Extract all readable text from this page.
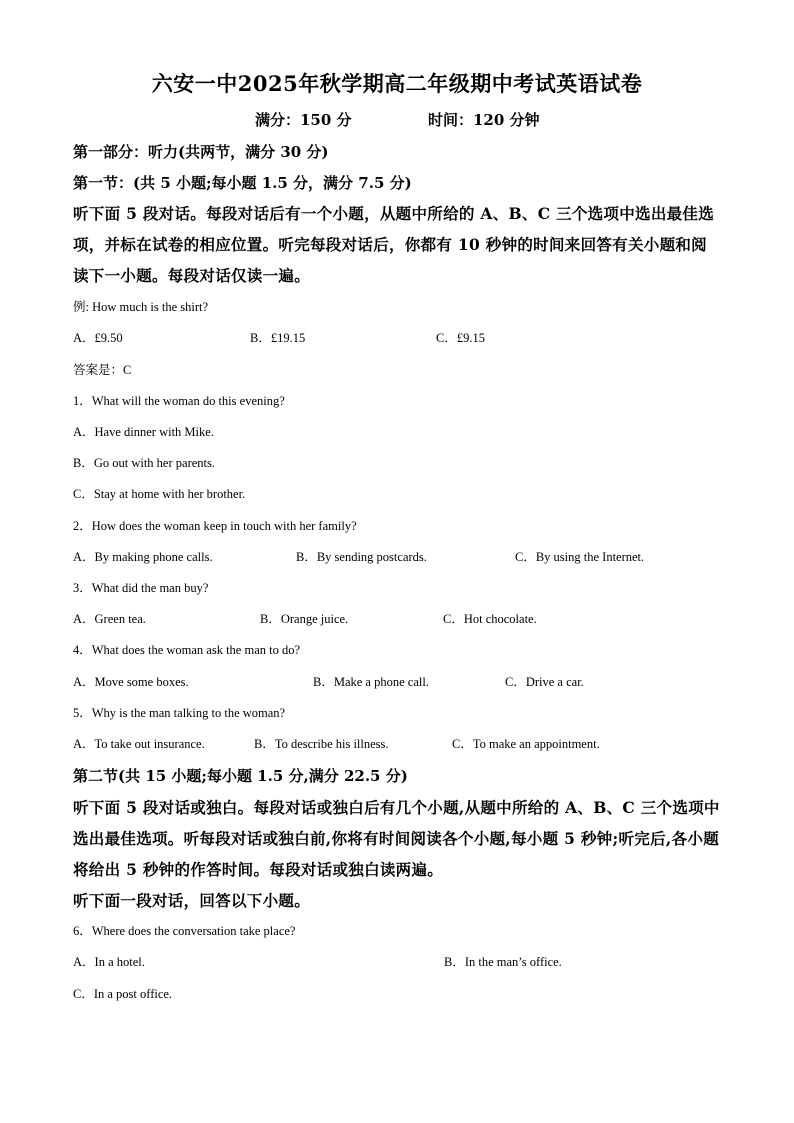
六安一中2025年秋学期高二年级期中考试英语试卷
满分：150 分	时间：120 分钟
第一部分：听力(共两节，满分 30 分)
第一节：(共 5 小题;每小题 1.5 分，满分 7.5 分)
听下面 5 段对话。每段对话后有一个小题，从题中所给的 A、B、C 三个选项中选出最佳选
项，并标在试卷的相应位置。听完每段对话后，你都有 10 秒钟的时间来回答有关小题和阅
读下一小题。每段对话仅读一遍。
例: How much is the shirt?
A．£9.50	B．£19.15	C．£9.15
答案是：C
1．What will the woman do this evening?
A．Have dinner with Mike.
B．Go out with her parents.
C．Stay at home with her brother.
2．How does the woman keep in touch with her family?
A．By making phone calls.	B．By sending postcards.	C．By using the Internet.
3．What did the man buy?
A．Green tea.	B．Orange juice.	C．Hot chocolate.
4．What does the woman ask the man to do?
A．Move some boxes.	B．Make a phone call.	C．Drive a car.
5．Why is the man talking to the woman?
A．To take out insurance.	B．To describe his illness.	C．To make an appointment.
第二节(共 15 小题;每小题 1.5 分,满分 22.5 分)
听下面 5 段对话或独白。每段对话或独白后有几个小题,从题中所给的 A、B、C 三个选项中
选出最佳选项。听每段对话或独白前,你将有时间阅读各个小题,每小题 5 秒钟;听完后,各小题
将给出 5 秒钟的作答时间。每段对话或独白读两遍。
听下面一段对话，回答以下小题。
6．Where does the conversation take place?
A．In a hotel.	B．In the man’s office.
C．In a post office.
